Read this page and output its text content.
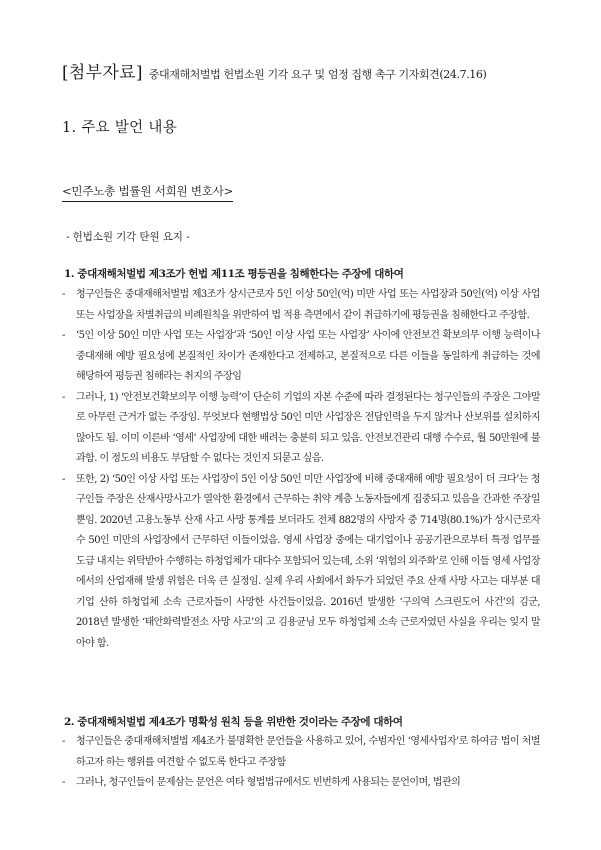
[첨부자료] 중대재해처벌법 헌법소원 기각 요구 및 엄정 집행 촉구 기자회견(24.7.16)
1. 주요 발언 내용
<민주노총 법률원 서희원 변호사>
- 헌법소원 기각 탄원 요지 -
1. 중대재해처벌법 제3조가 헌법 제11조 평등권을 침해한다는 주장에 대하여
- 청구인들은 중대재해처벌법 제3조가 상시근로자 5인 이상 50인(억) 미만 사업 또는 사업장과 50인(억) 이상 사업 또는 사업장을 차별취급의 비례원칙을 위반하여 법 적용 측면에서 같이 취급하기에 평등권을 침해한다고 주장함.
- ‘5인 이상 50인 미만 사업 또는 사업장’과 ‘50인 이상 사업 또는 사업장’ 사이에 안전보건 확보의무 이행 능력이나 중대재해 예방 필요성에 본질적인 차이가 존재한다고 전제하고, 본질적으로 다른 이들을 동일하게 취급하는 것에 해당하여 평등권 침해라는 취지의 주장임
- 그러나, 1) ‘안전보건확보의무 이행 능력’이 단순히 기업의 자본 수준에 따라 결정된다는 청구인들의 주장은 그야말로 아무런 근거가 없는 주장임. 무엇보다 현행법상 50인 미만 사업장은 전담인력을 두지 않거나 산보위를 설치하지 않아도 됨. 이미 이른바 ‘영세’ 사업장에 대한 배려는 충분히 되고 있음. 안전보건관리 대행 수수료, 월 50만원에 불과함. 이 정도의 비용도 부담할 수 없다는 것인지 되묻고 싶음.
- 또한, 2) ‘50인 이상 사업 또는 사업장이 5인 이상 50인 미만 사업장에 비해 중대재해 예방 필요성이 더 크다’는 청구인들 주장은 산재사망사고가 열악한 환경에서 근무하는 취약 계층 노동자들에게 집중되고 있음을 간과한 주장일 뿐임. 2020년 고용노동부 산재 사고 사망 통계를 보더라도 전체 882명의 사망자 중 714명(80.1%)가 상시근로자수 50인 미만의 사업장에서 근무하던 이들이었음. 영세 사업장 중에는 대기업이나 공공기관으로부터 특정 업무를 도급 내지는 위탁받아 수행하는 하청업체가 대다수 포함되어 있는데, 소위 ‘위험의 외주화’로 인해 이들 영세 사업장에서의 산업재해 발생 위험은 더욱 큰 실정임. 실제 우리 사회에서 화두가 되었던 주요 산재 사망 사고는 대부분 대기업 산하 하청업체 소속 근로자들이 사망한 사건들이었음. 2016년 발생한 ‘구의역 스크린도어 사건’의 김군, 2018년 발생한 ‘태안화력발전소 사망 사고’의 고 김용균님 모두 하청업체 소속 근로자였던 사실을 우리는 잊지 말아야 함.
2. 중대재해처벌법 제4조가 명확성 원칙 등을 위반한 것이라는 주장에 대하여
- 청구인들은 중대재해처벌법 제4조가 불명확한 문언들을 사용하고 있어, 수범자인 ‘영세사업자’로 하여금 법이 처벌하고자 하는 행위를 여견할 수 없도록 한다고 주장함
- 그러나, 청구인들이 문제삼는 문언은 여타 형법법규에서도 빈번하게 사용되는 문언이며, 법관의
